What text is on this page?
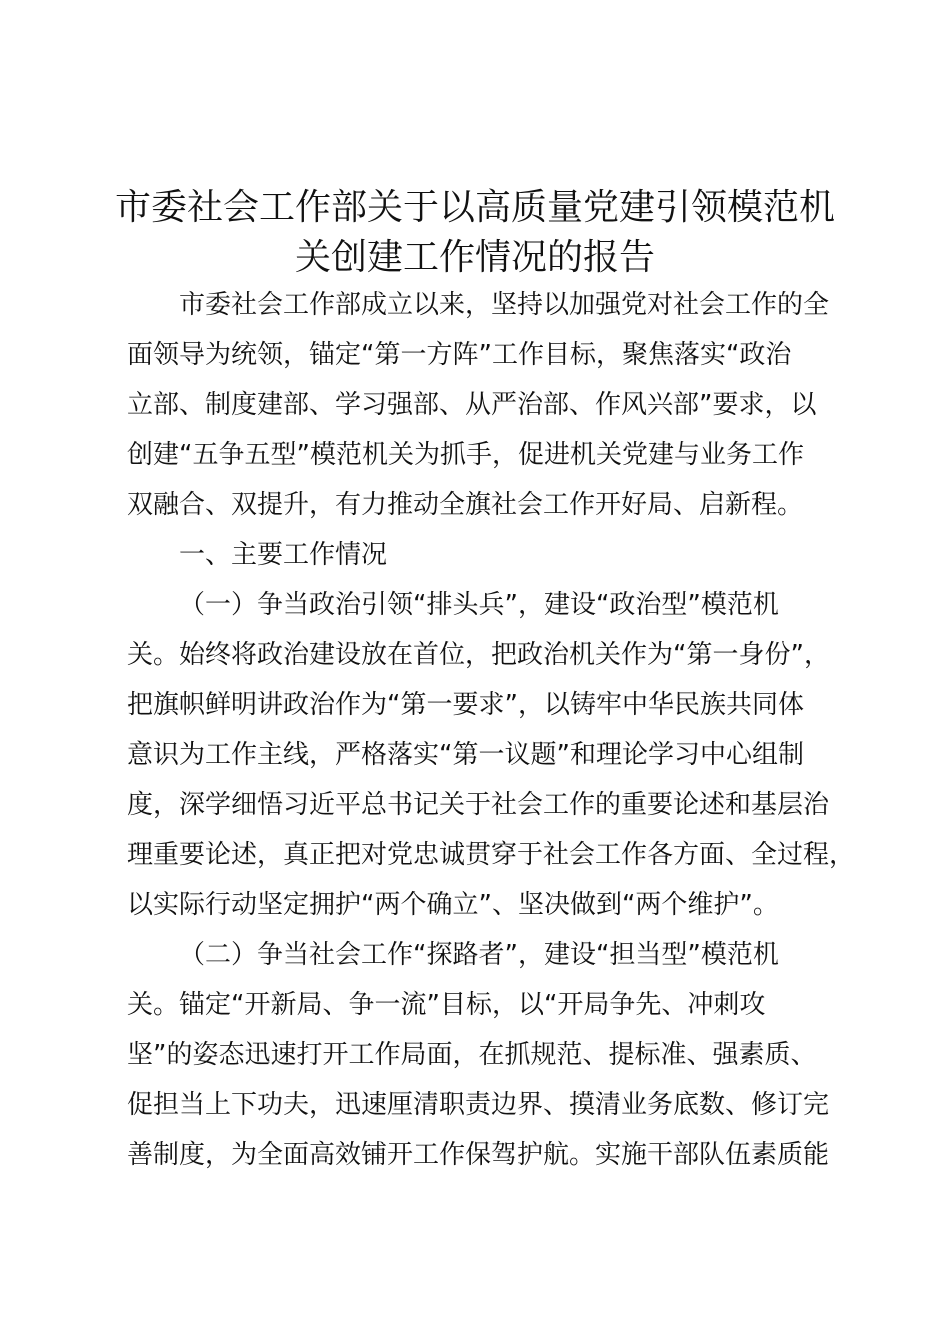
市委社会工作部关于以高质量党建引领模范机
关创建工作情况的报告

市委社会工作部成立以来，坚持以加强党对社会工作的全
面领导为统领，锚定“第一方阵”工作目标，聚焦落实“政治
立部、制度建部、学习强部、从严治部、作风兴部”要求，以
创建“五争五型”模范机关为抓手，促进机关党建与业务工作
双融合、双提升，有力推动全旗社会工作开好局、启新程。

一、主要工作情况

（一）争当政治引领“排头兵”，建设“政治型”模范机
关。始终将政治建设放在首位，把政治机关作为“第一身份”，
把旗帜鲜明讲政治作为“第一要求”，以铸牢中华民族共同体
意识为工作主线，严格落实“第一议题”和理论学习中心组制
度，深学细悟习近平总书记关于社会工作的重要论述和基层治
理重要论述，真正把对党忠诚贯穿于社会工作各方面、全过程，
以实际行动坚定拥护“两个确立”、坚决做到“两个维护”。

（二）争当社会工作“探路者”，建设“担当型”模范机
关。锚定“开新局、争一流”目标，以“开局争先、冲刺攻
坚”的姿态迅速打开工作局面，在抓规范、提标准、强素质、
促担当上下功夫，迅速厘清职责边界、摸清业务底数、修订完
善制度，为全面高效铺开工作保驾护航。实施干部队伍素质能
